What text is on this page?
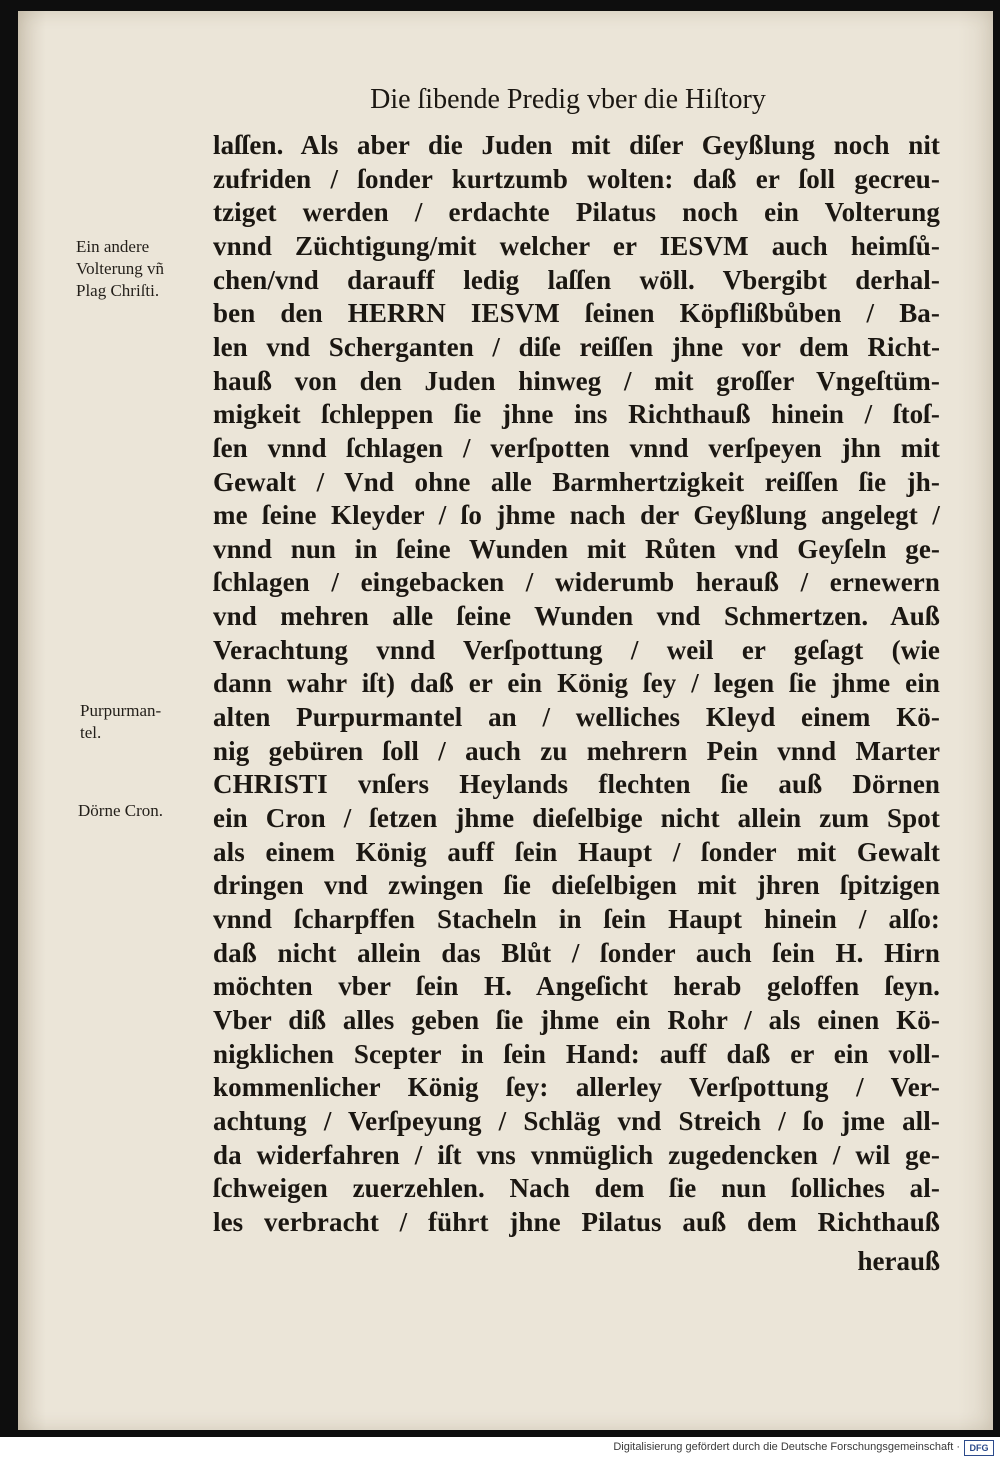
Die ſibende Predig vber die Hiſtory
Ein andere
Volterung vñ
Plag Chriſti.
Purpurman-
tel.
Dörne Cron.
laſſen. Als aber die Juden mit diſer Geyßlung noch nit
zufriden / ſonder kurtzumb wolten: daß er ſoll gecreu-
tziget werden / erdachte Pilatus noch ein Volterung
vnnd Züchtigung/mit welcher er IESVM auch heimſů-
chen/vnd darauff ledig laſſen wöll. Vbergibt derhal-
ben den HERRN IESVM ſeinen Köpflißbůben / Ba-
len vnd Scherganten / diſe reiſſen jhne vor dem Richt-
hauß von den Juden hinweg / mit groſſer Vngeſtüm-
migkeit ſchleppen ſie jhne ins Richthauß hinein / ſtoſ-
ſen vnnd ſchlagen / verſpotten vnnd verſpeyen jhn mit
Gewalt / Vnd ohne alle Barmhertzigkeit reiſſen ſie jh-
me ſeine Kleyder / ſo jhme nach der Geyßlung angelegt /
vnnd nun in ſeine Wunden mit Růten vnd Geyſeln ge-
ſchlagen / eingebacken / widerumb herauß / ernewern
vnd mehren alle ſeine Wunden vnd Schmertzen. Auß
Verachtung vnnd Verſpottung / weil er geſagt (wie
dann wahr iſt) daß er ein König ſey / legen ſie jhme ein
alten Purpurmantel an / welliches Kleyd einem Kö-
nig gebüren ſoll / auch zu mehrern Pein vnnd Marter
CHRISTI vnſers Heylands flechten ſie auß Dörnen
ein Cron / ſetzen jhme dieſelbige nicht allein zum Spot
als einem König auff ſein Haupt / ſonder mit Gewalt
dringen vnd zwingen ſie dieſelbigen mit jhren ſpitzigen
vnnd ſcharpffen Stacheln in ſein Haupt hinein / alſo:
daß nicht allein das Blůt / ſonder auch ſein H. Hirn
möchten vber ſein H. Angeſicht herab geloffen ſeyn.
Vber diß alles geben ſie jhme ein Rohr / als einen Kö-
nigklichen Scepter in ſein Hand: auff daß er ein voll-
kommenlicher König ſey: allerley Verſpottung / Ver-
achtung / Verſpeyung / Schläg vnd Streich / ſo jme all-
da widerfahren / iſt vns vnmüglich zugedencken / wil ge-
ſchweigen zuerzehlen. Nach dem ſie nun ſolliches al-
les verbracht / führt jhne Pilatus auß dem Richthauß
herauß
Digitalisierung gefördert durch die Deutsche Forschungsgemeinschaft ·	DFG
